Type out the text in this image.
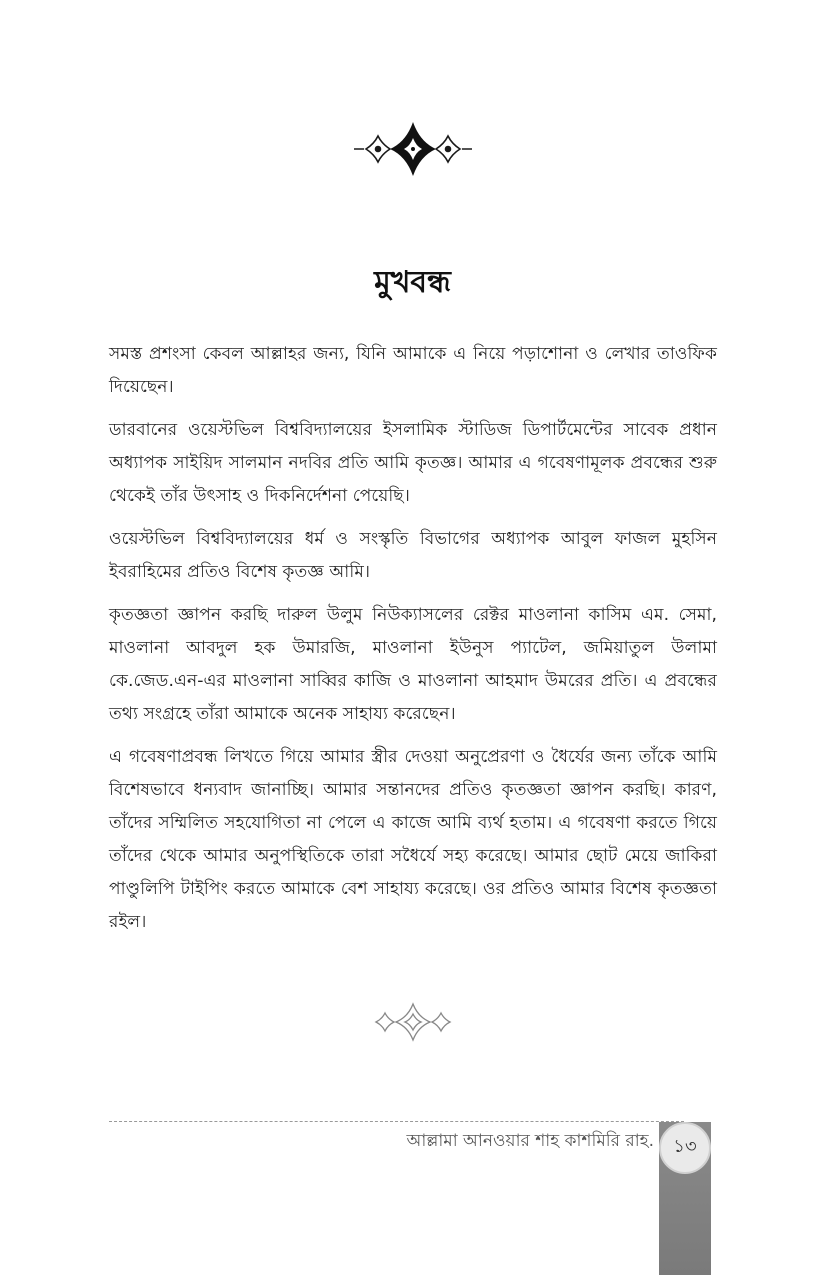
মুখবন্ধ

সমস্ত প্রশংসা কেবল আল্লাহর জন্য, যিনি আমাকে এ নিয়ে পড়াশোনা ও লেখার তাওফিক দিয়েছেন।

ডারবানের ওয়েস্টভিল বিশ্ববিদ্যালয়ের ইসলামিক স্টাডিজ ডিপার্টমেন্টের সাবেক প্রধান অধ্যাপক সাইয়িদ সালমান নদবির প্রতি আমি কৃতজ্ঞ। আমার এ গবেষণামূলক প্রবন্ধের শুরু থেকেই তাঁর উৎসাহ ও দিকনির্দেশনা পেয়েছি।

ওয়েস্টভিল বিশ্ববিদ্যালয়ের ধর্ম ও সংস্কৃতি বিভাগের অধ্যাপক আবুল ফাজল মুহসিন ইবরাহিমের প্রতিও বিশেষ কৃতজ্ঞ আমি।

কৃতজ্ঞতা জ্ঞাপন করছি দারুল উলুম নিউক্যাসলের রেক্টর মাওলানা কাসিম এম. সেমা, মাওলানা আবদুল হক উমারজি, মাওলানা ইউনুস প্যাটেল, জমিয়াতুল উলামা কে.জেড.এন-এর মাওলানা সাব্বির কাজি ও মাওলানা আহমাদ উমরের প্রতি। এ প্রবন্ধের তথ্য সংগ্রহে তাঁরা আমাকে অনেক সাহায্য করেছেন।

এ গবেষণাপ্রবন্ধ লিখতে গিয়ে আমার স্ত্রীর দেওয়া অনুপ্রেরণা ও ধৈর্যের জন্য তাঁকে আমি বিশেষভাবে ধন্যবাদ জানাচ্ছি। আমার সন্তানদের প্রতিও কৃতজ্ঞতা জ্ঞাপন করছি। কারণ, তাঁদের সম্মিলিত সহযোগিতা না পেলে এ কাজে আমি ব্যর্থ হতাম। এ গবেষণা করতে গিয়ে তাঁদের থেকে আমার অনুপস্থিতিকে তারা সধৈর্যে সহ্য করেছে। আমার ছোট মেয়ে জাকিরা পাণ্ডুলিপি টাইপিং করতে আমাকে বেশ সাহায্য করেছে। ওর প্রতিও আমার বিশেষ কৃতজ্ঞতা রইল।

আল্লামা আনওয়ার শাহ কাশমিরি রাহ.	১৩
